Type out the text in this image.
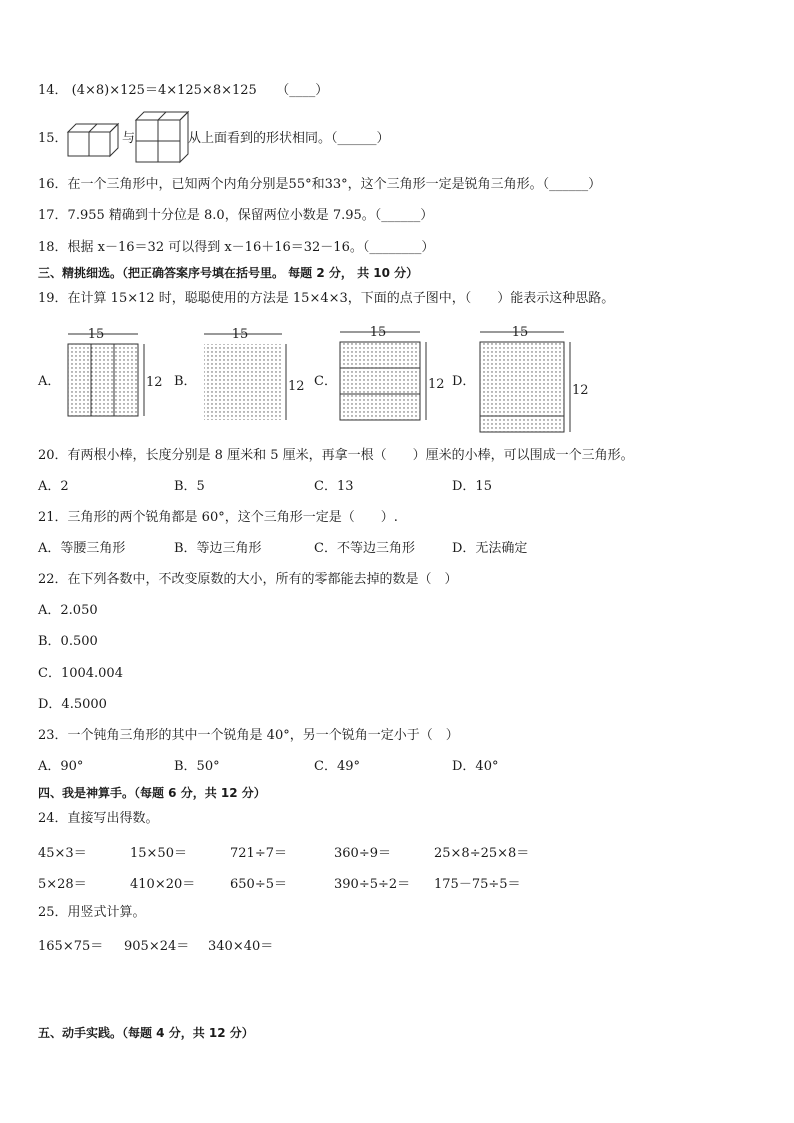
14． (4×8)×125＝4×125×8×125　　（____）
15．	与	从上面看到的形状相同。（______）
16．在一个三角形中，已知两个内角分别是55°和33°，这个三角形一定是锐角三角形。（______）
17．7.955 精确到十分位是 8.0，保留两位小数是 7.95。（______）
18．根据 x－16＝32 可以得到 x－16＋16＝32－16。（________）
三、精挑细选。（把正确答案序号填在括号里。 每题 2 分， 共 10 分）
19．在计算 15×12 时，聪聪使用的方法是 15×4×3，下面的点子图中，（　　）能表示这种思路。
A．
15
12 B．
15
12 C．
15
12 D．
15
12
20．有两根小棒，长度分别是 8 厘米和 5 厘米，再拿一根（　　）厘米的小棒，可以围成一个三角形。
A．2	B．5	C．13	D．15
21．三角形的两个锐角都是 60°，这个三角形一定是（　　）.
A．等腰三角形	B．等边三角形	C．不等边三角形	D．无法确定
22．在下列各数中，不改变原数的大小，所有的零都能去掉的数是（　）
A．2.050
B．0.500
C．1004.004
D．4.5000
23．一个钝角三角形的其中一个锐角是 40°，另一个锐角一定小于（　）
A．90°	B．50°	C．49°	D．40°
四、我是神算手。（每题 6 分，共 12 分）
24．直接写出得数。
45×3＝	15×50＝	721÷7＝	360÷9＝	25×8÷25×8＝
5×28＝	410×20＝	650÷5＝	390÷5÷2＝ 175－75÷5＝
25．用竖式计算。
165×75＝ 905×24＝ 340×40＝
五、动手实践。（每题 4 分，共 12 分）
